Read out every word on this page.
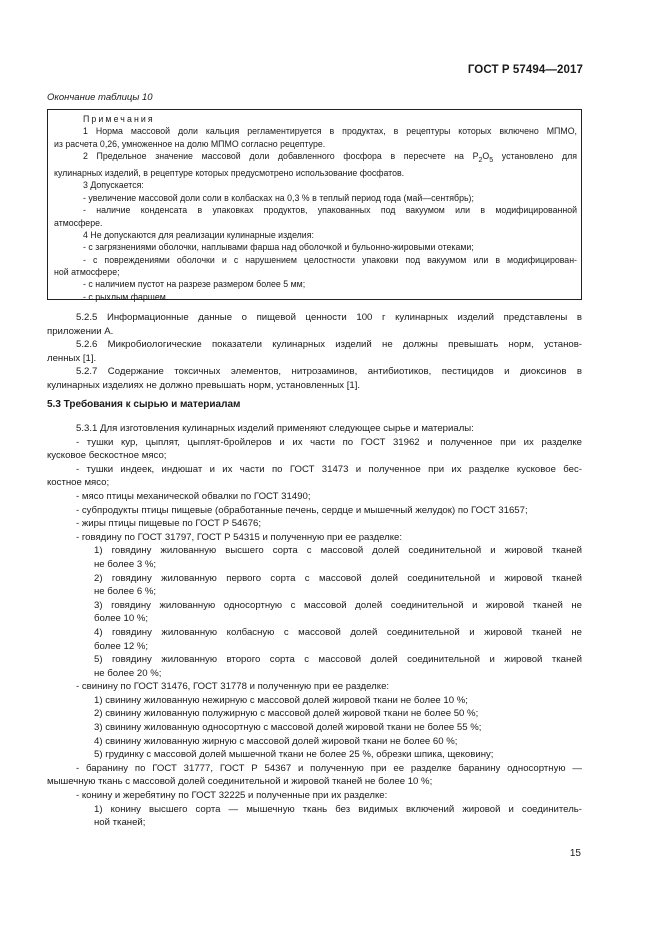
ГОСТ Р 57494—2017
Окончание таблицы 10

Примечания

1 Норма массовой доли кальция регламентируется в продуктах, в рецептуры которых включено МПМО,

из расчета 0,26, умноженное на долю МПМО согласно рецептуре.

2 Предельное значение массовой доли добавленного фосфора в пересчете на $P_2O_5$ установлено для

кулинарных изделий, в рецептуре которых предусмотрено использование фосфатов.

3 Допускается:

- увеличение массовой доли соли в колбасках на 0,3 % в теплый период года (май—сентябрь);

- наличие конденсата в упаковках продуктов, упакованных под вакуумом или в модифицированной

атмосфере.

4 Не допускаются для реализации кулинарные изделия:

- с загрязнениями оболочки, наплывами фарша над оболочкой и бульонно-жировыми отеками;

- с повреждениями оболочки и с нарушением целостности упаковки под вакуумом или в модифицирован-

ной атмосфере;

- с наличием пустот на разрезе размером более 5 мм;

- с рыхлым фаршем.

5.2.5 Информационные данные о пищевой ценности 100 г кулинарных изделий представлены в

приложении А.

5.2.6 Микробиологические показатели кулинарных изделий не должны превышать норм, установ-

ленных [1].

5.2.7 Содержание токсичных элементов, нитрозаминов, антибиотиков, пестицидов и диоксинов в

кулинарных изделиях не должно превышать норм, установленных [1].

5.3 Требования к сырью и материалам

5.3.1 Для изготовления кулинарных изделий применяют следующее сырье и материалы:

- тушки кур, цыплят, цыплят-бройлеров и их части по ГОСТ 31962 и полученное при их разделке

кусковое бескостное мясо;

- тушки индеек, индюшат и их части по ГОСТ 31473 и полученное при их разделке кусковое бес-

костное мясо;

- мясо птицы механической обвалки по ГОСТ 31490;

- субпродукты птицы пищевые (обработанные печень, сердце и мышечный желудок) по ГОСТ 31657;

- жиры птицы пищевые по ГОСТ Р 54676;

- говядину по ГОСТ 31797, ГОСТ Р 54315 и полученную при ее разделке:

1) говядину жилованную высшего сорта с массовой долей соединительной и жировой тканей

не более 3 %;

2) говядину жилованную первого сорта с массовой долей соединительной и жировой тканей

не более 6 %;

3) говядину жилованную односортную с массовой долей соединительной и жировой тканей не

более 10 %;

4) говядину жилованную колбасную с массовой долей соединительной и жировой тканей не

более 12 %;

5) говядину жилованную второго сорта с массовой долей соединительной и жировой тканей

не более 20 %;

- свинину по ГОСТ 31476, ГОСТ 31778 и полученную при ее разделке:

1) свинину жилованную нежирную с массовой долей жировой ткани не более 10 %;

2) свинину жилованную полужирную с массовой долей жировой ткани не более 50 %;

3) свинину жилованную односортную с массовой долей жировой ткани не более 55 %;

4) свинину жилованную жирную с массовой долей жировой ткани не более 60 %;

5) грудинку с массовой долей мышечной ткани не более 25 %, обрезки шпика, щековину;

- баранину по ГОСТ 31777, ГОСТ Р 54367 и полученную при ее разделке баранину односортную —

мышечную ткань с массовой долей соединительной и жировой тканей не более 10 %;

- конину и жеребятину по ГОСТ 32225 и полученные при их разделке:

1) конину высшего сорта — мышечную ткань без видимых включений жировой и соединитель-

ной тканей;

15
